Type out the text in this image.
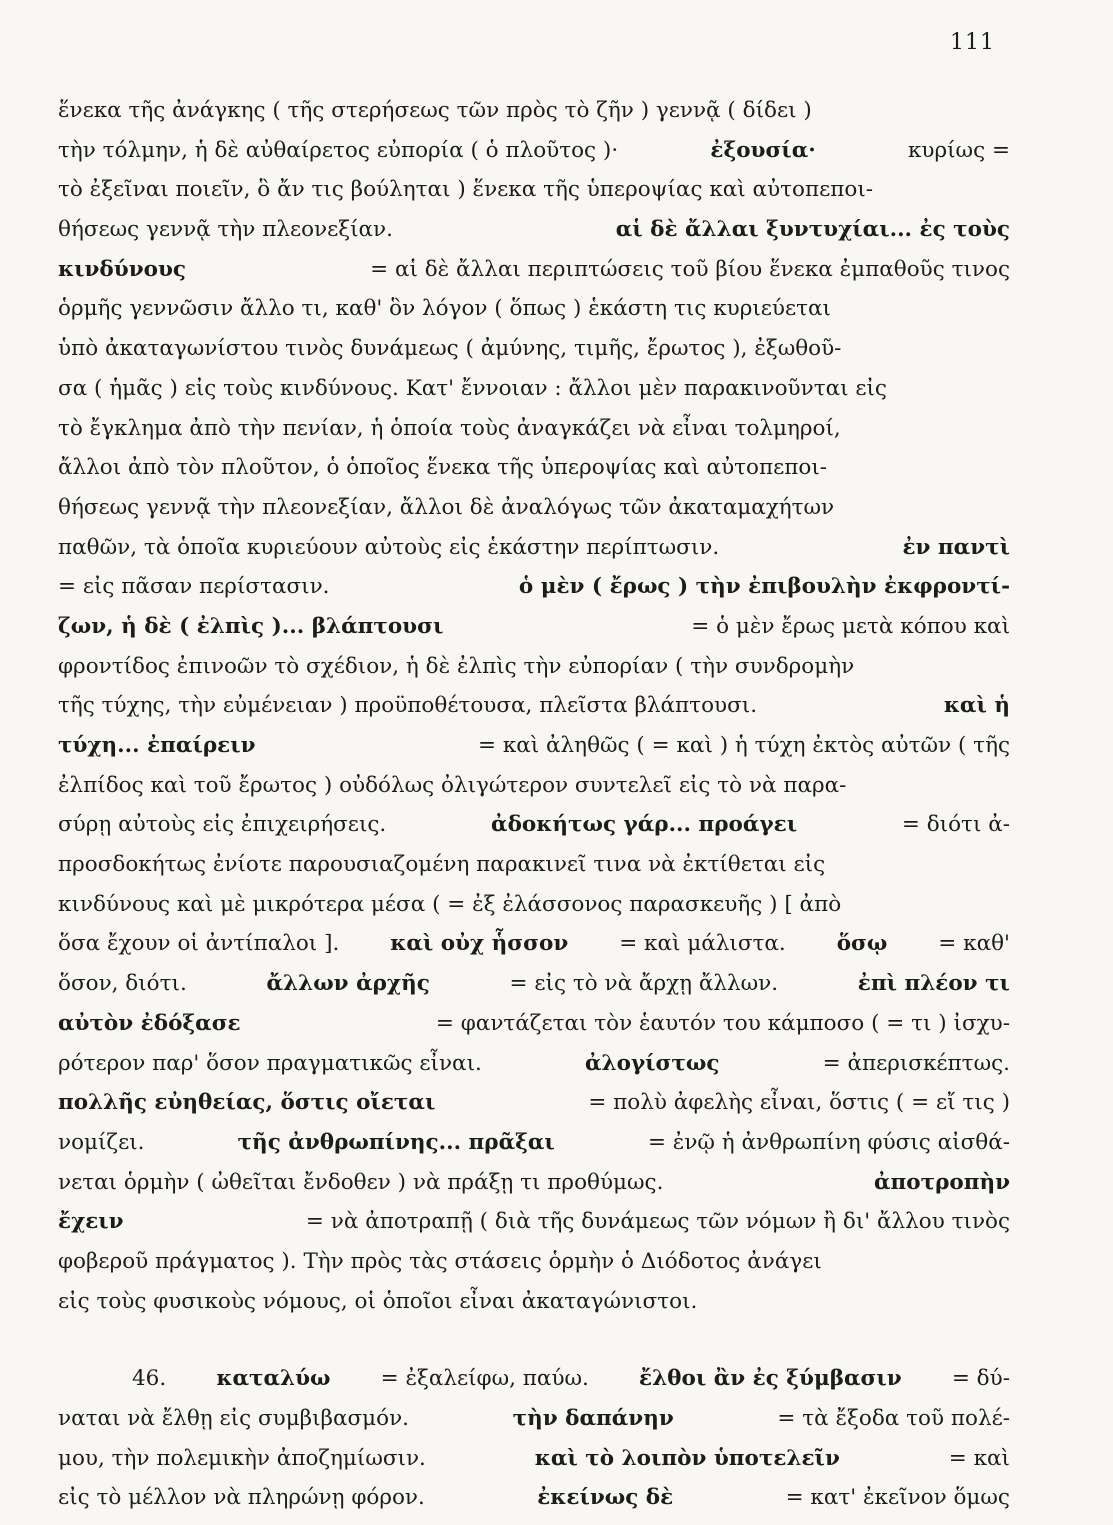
111
ἕνεκα τῆς ἀνάγκης ( τῆς στερήσεως τῶν πρὸς τὸ ζῆν ) γεννᾷ ( δίδει )
τὴν τόλμην, ἡ δὲ αὐθαίρετος εὐπορία ( ὁ πλοῦτος )·	ἐξουσία·	κυρίως =
τὸ ἐξεῖναι ποιεῖν, ὃ ἄν τις βούληται ) ἕνεκα τῆς ὑπεροψίας καὶ αὐτοπεποι-
θήσεως γεννᾷ τὴν πλεονεξίαν.	αἱ δὲ ἄλλαι ξυντυχίαι... ἐς τοὺς
κινδύνους	= αἱ δὲ ἄλλαι περιπτώσεις τοῦ βίου ἕνεκα ἐμπαθοῦς τινος
ὁρμῆς γεννῶσιν ἄλλο τι, καθ' ὃν λόγον ( ὅπως ) ἑκάστη τις κυριεύεται
ὑπὸ ἀκαταγωνίστου τινὸς δυνάμεως ( ἀμύνης, τιμῆς, ἔρωτος ), ἐξωθοῦ-
σα ( ἡμᾶς ) εἰς τοὺς κινδύνους. Κατ' ἔννοιαν : ἄλλοι μὲν παρακινοῦνται εἰς
τὸ ἔγκλημα ἀπὸ τὴν πενίαν, ἡ ὁποία τοὺς ἀναγκάζει νὰ εἶναι τολμηροί,
ἄλλοι ἀπὸ τὸν πλοῦτον, ὁ ὁποῖος ἕνεκα τῆς ὑπεροψίας καὶ αὐτοπεποι-
θήσεως γεννᾷ τὴν πλεονεξίαν, ἄλλοι δὲ ἀναλόγως τῶν ἀκαταμαχήτων
παθῶν, τὰ ὁποῖα κυριεύουν αὐτοὺς εἰς ἑκάστην περίπτωσιν.	ἐν παντὶ
= εἰς πᾶσαν περίστασιν.	ὁ μὲν ( ἔρως ) τὴν ἐπιβουλὴν ἐκφροντί-
ζων, ἡ δὲ ( ἐλπὶς )... βλάπτουσι	= ὁ μὲν ἔρως μετὰ κόπου καὶ
φροντίδος ἐπινοῶν τὸ σχέδιον, ἡ δὲ ἐλπὶς τὴν εὐπορίαν ( τὴν συνδρομὴν
τῆς τύχης, τὴν εὐμένειαν ) προϋποθέτουσα, πλεῖστα βλάπτουσι.	καὶ ἡ
τύχη... ἐπαίρειν	= καὶ ἀληθῶς ( = καὶ ) ἡ τύχη ἐκτὸς αὐτῶν ( τῆς
ἐλπίδος καὶ τοῦ ἔρωτος ) οὐδόλως ὀλιγώτερον συντελεῖ εἰς τὸ νὰ παρα-
σύρῃ αὐτοὺς εἰς ἐπιχειρήσεις.	ἀδοκήτως γάρ... προάγει	= διότι ἀ-
προσδοκήτως ἐνίοτε παρουσιαζομένη παρακινεῖ τινα νὰ ἐκτίθεται εἰς
κινδύνους καὶ μὲ μικρότερα μέσα ( = ἐξ ἐλάσσονος παρασκευῆς ) [ ἀπὸ
ὅσα ἔχουν οἱ ἀντίπαλοι ]. καὶ οὐχ ἧσσον = καὶ μάλιστα. ὅσῳ = καθ'
ὅσον, διότι.	ἄλλων ἀρχῆς	= εἰς τὸ νὰ ἄρχῃ ἄλλων.	ἐπὶ πλέον τι
αὐτὸν ἐδόξασε	= φαντάζεται τὸν ἑαυτόν του κάμποσο ( = τι ) ἰσχυ-
ρότερον παρ' ὅσον πραγματικῶς εἶναι.	ἀλογίστως	= ἀπερισκέπτως.
πολλῆς εὐηθείας, ὅστις οἴεται	= πολὺ ἀφελὴς εἶναι, ὅστις ( = εἴ τις )
νομίζει.	τῆς ἀνθρωπίνης... πρᾶξαι	= ἐνῷ ἡ ἀνθρωπίνη φύσις αἰσθά-
νεται ὁρμὴν ( ὠθεῖται ἔνδοθεν ) νὰ πράξῃ τι προθύμως.	ἀποτροπὴν
ἔχειν	= νὰ ἀποτραπῇ ( διὰ τῆς δυνάμεως τῶν νόμων ἢ δι' ἄλλου τινὸς
φοβεροῦ πράγματος ). Τὴν πρὸς τὰς στάσεις ὁρμὴν ὁ Διόδοτος ἀνάγει
εἰς τοὺς φυσικοὺς νόμους, οἱ ὁποῖοι εἶναι ἀκαταγώνιστοι.
46. καταλύω = ἐξαλείφω, παύω. ἔλθοι ἂν ἐς ξύμβασιν = δύ-
ναται νὰ ἔλθῃ εἰς συμβιβασμόν.	τὴν δαπάνην	= τὰ ἔξοδα τοῦ πολέ-
μου, τὴν πολεμικὴν ἀποζημίωσιν.	καὶ τὸ λοιπὸν ὑποτελεῖν	= καὶ
εἰς τὸ μέλλον νὰ πληρώνῃ φόρον.	ἐκείνως δὲ	= κατ' ἐκεῖνον ὅμως
